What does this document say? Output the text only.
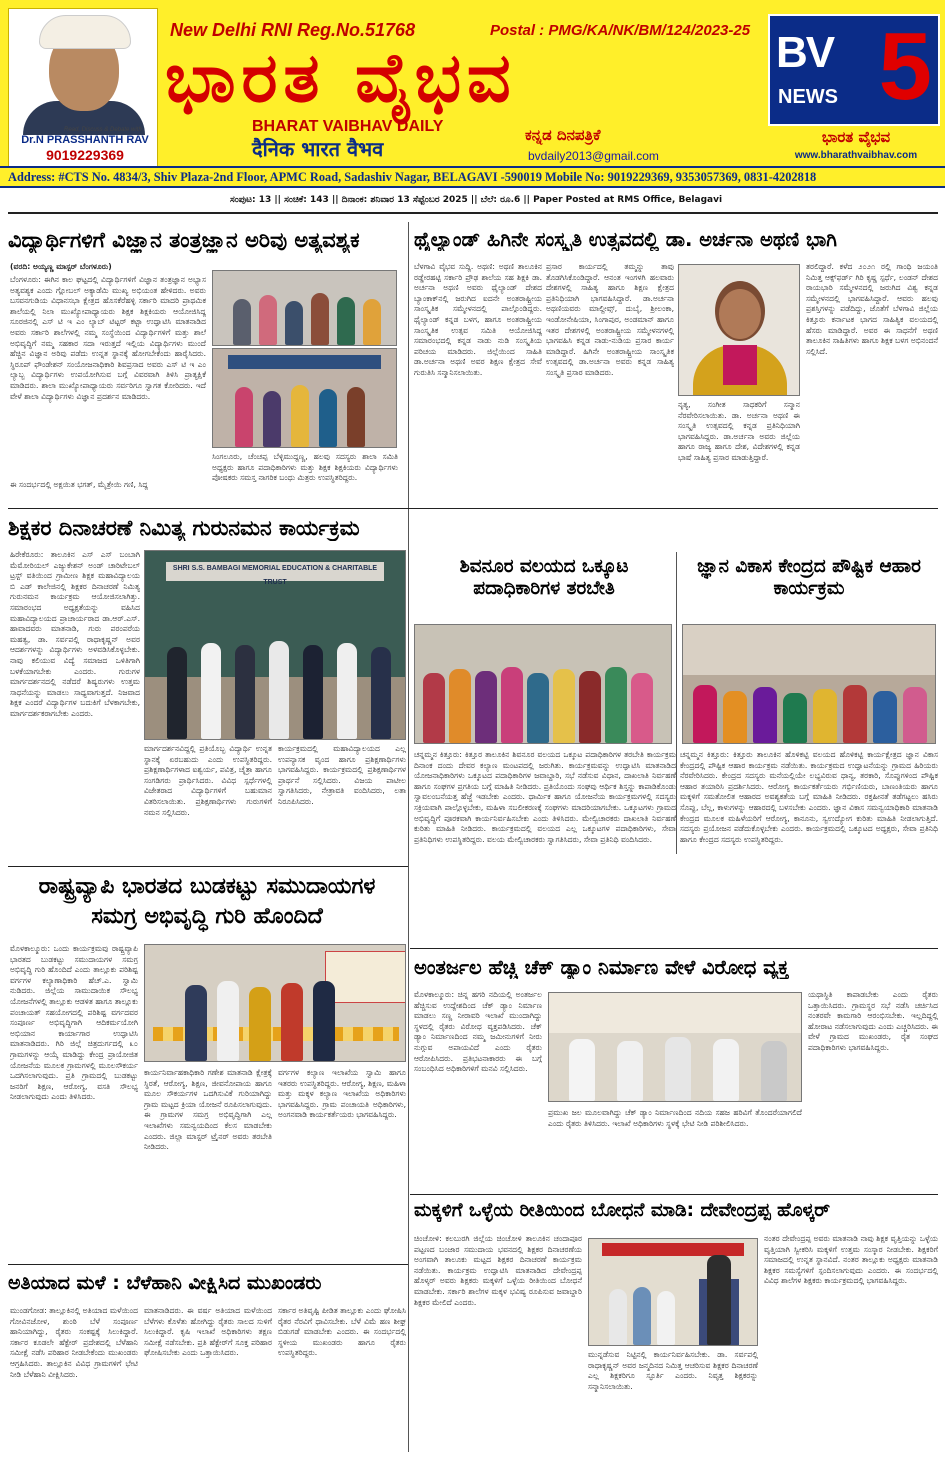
Read, Discuss & Debate with
Dr.N PRASSHANTH RAV
9019229369
New Delhi RNI Reg.No.51768	Postal : PMG/KA/NK/BM/124/2023-25
ಭಾರತ ವೈಭವ
BHARAT VAIBHAV DAILY
दैनिक भारत वैभव
ಕನ್ನಡ ದಿನಪತ್ರಿಕೆ
bvdaily2013@gmail.com
BV
NEWS 5
ಭಾರತ ವೈಭವ
www.bharathvaibhav.com
Address: #CTS No. 4834/3, Shiv Plaza-2nd Floor, APMC Road, Sadashiv Nagar, BELAGAVI -590019 Mobile No: 9019229369, 9353057369, 0831-4202818
ಸಂಪುಟ: 13 || ಸಂಚಿಕೆ: 143 || ದಿನಾಂಕ: ಶನಿವಾರ 13 ಸೆಪ್ಟೆಂಬರ 2025 || ಬೆಲೆ: ರೂ.6 || Paper Posted at RMS Office, Belagavi
ವಿದ್ಯಾರ್ಥಿಗಳಿಗೆ ವಿಜ್ಞಾನ ತಂತ್ರಜ್ಞಾನ ಅರಿವು ಅತ್ಯವಶ್ಯಕ
(ವರದಿ: ಅಯ್ಯಣ್ಣ ಮಾಸ್ಟರ್ ಬೆಂಗಳೂರು)
ಬೆಂಗಳೂರು: ಈಗಿನ ಕಾಲ ಘಟ್ಟದಲ್ಲಿ ವಿದ್ಯಾರ್ಥಿಗಳಿಗೆ ವಿಜ್ಞಾನ ತಂತ್ರಜ್ಞಾನ ಅಭ್ಯಾಸ ಅತ್ಯವಶ್ಯಕ ಎಂದು ಗ್ಲೋಬಲ್ ಅಕ್ಯಾಡೆಮಿ ಮುಖ್ಯ ಅಭಿಯಂತ ಹೇಳಿದರು. ಅವರು ಬಸವನಗುಡಿಯ ವಿಧಾನಸಭಾ ಕ್ಷೇತ್ರದ ಹೊಸಕೆರೆಹಳ್ಳಿ ಸರ್ಕಾರಿ ಮಾದರಿ ಪ್ರಾಥಮಿಕ ಶಾಲೆಯಲ್ಲಿ ನಿಲಾ ಮುಖ್ಯೋಪಾಧ್ಯಾಯರು ಶಿಕ್ಷಕ ಶಿಕ್ಷಕಿಯರು ಆಯೋಜಿಸಿದ್ದ ಸೂರಜಿನಲ್ಲಿ ಎಸ್ ಟಿ ಇ ಎಂ ಲ್ಯಾಬ್ ಟಿಟ್ಟರ್ ಕಟ್ಟಾ ಉದ್ಘಾಟಿಸಿ ಮಾತನಾಡಿದ ಅವರು ಸರ್ಕಾರಿ ಶಾಲೆಗಳಲ್ಲಿ ನಮ್ಮ ಸಂಸ್ಥೆಯಿಂದ ವಿದ್ಯಾರ್ಥಿಗಳಿಗೆ ಮತ್ತು ಶಾಲೆ ಅಭಿವೃದ್ಧಿಗೆ ನಮ್ಮ ಸಹಕಾರ ಸದಾ ಇರುತ್ತದೆ ಇಲ್ಲಿಯ ವಿದ್ಯಾರ್ಥಿಗಳು ಮುಂದೆ ಹೆಚ್ಚಿನ ವಿಜ್ಞಾನ ಅರಿವು ಪಡೆದು ಉನ್ನತ ಸ್ಥಾನಕ್ಕೆ ಹೋಗಬೇಕೆಂದು ಹಾರೈಸಿದರು. ಸ್ಥಿರೂಪ್ ಫೌಂಡೇಶನ್ ಸಂಯೋಜನಾಧಿಕಾರಿ ಶಿವಪ್ರಸಾದ ಅವರು ಎಸ್ ಟಿ ಇ ಎಂ ಲ್ಯಾಬ್ಬ ವಿದ್ಯಾರ್ಥಿಗಳು ಉಪಯೋಗಿಸುವ ಬಗ್ಗೆ ವಿವರವಾಗಿ ತಿಳಿಸಿ ಪ್ರಾತ್ಯಕ್ಷಿಕೆ ಮಾಡಿದರು. ಶಾಲಾ ಮುಖ್ಯೋಪಾಧ್ಯಾಯರು ಸರ್ವರಿಗೂ ಸ್ವಾಗತ ಕೋರಿದರು. ಇದೆ ವೇಳೆ ಶಾಲಾ ವಿದ್ಯಾರ್ಥಿಗಳು ವಿಜ್ಞಾನ ಪ್ರದರ್ಶನ ಮಾಡಿದರು.
ಈ ಸಂದರ್ಭದಲ್ಲಿ ಅಕ್ಷಯಿತ ಭಗತ್, ಮೈತ್ರೇಯಿ ಗಣಿ, ಸಿದ್ದ
ಸಿಂಗಲೂರು, ಚೆಂಚಪ್ಪ ಬೆಳ್ಳಿಮುದ್ದಣ್ಣ, ಹಲವು ಸದಸ್ಯರು ಶಾಲಾ ಸಮಿತಿ ಅಧ್ಯಕ್ಷರು ಹಾಗೂ ಪದಾಧಿಕಾರಿಗಳು ಮತ್ತು ಶಿಕ್ಷಕ ಶಿಕ್ಷಕಿಯರು ವಿದ್ಯಾರ್ಥಿಗಳು ಪೋಷಕರು ಸಮಸ್ತ ನಾಗರಿಕ ಬಂಧು ಮಿತ್ರರು ಉಪಸ್ಥಿತರಿದ್ದರು.
ಥೈಲ್ಯಾಂಡ್ ಹಿಗಿನೇ ಸಂಸ್ಕೃತಿ ಉತ್ಸವದಲ್ಲಿ ಡಾ. ಅರ್ಚನಾ ಅಥಣಿ ಭಾಗಿ
ಬೆಳಗಾವಿ ವೈಭವ ಸುದ್ದಿ. ಅಥಣಿ: ಅಥಣಿ ತಾಲೂಕಿನ ರಡ್ಡೇರಹಟ್ಟಿ ಸರ್ಕಾರಿ ಪ್ರೌಢ ಶಾಲೆಯ ಸಹ ಶಿಕ್ಷಕಿ ಡಾ. ಅರ್ಚನಾ ಅಥಣಿ ಅವರು ಥೈಲ್ಯಾಂಡ್ ದೇಶದ ಬ್ಯಾಂಕಾಕ್‌ನಲ್ಲಿ ಜರುಗಿದ ಐದನೇ ಅಂತರಾಷ್ಟ್ರೀಯ ಸಾಂಸ್ಕೃತಿಕ ಸಮ್ಮೇಳನದಲ್ಲಿ ಪಾಲ್ಗೊಂಡಿದ್ದರು. ಥೈಲ್ಯಾಂಡ್ ಕನ್ನಡ ಬಳಗ, ಹಾಗೂ ಅಂತರಾಷ್ಟ್ರೀಯ ಸಾಂಸ್ಕೃತಿಕ ಉತ್ಸವ ಸಮಿತಿ ಆಯೋಜಿಸಿದ್ದ ಸಮಾರಂಭದಲ್ಲಿ ಕನ್ನಡ ನಾಡು ನುಡಿ ಸಂಸ್ಕೃತಿಯ ಪರಿಚಯ ಮಾಡಿದರು. ಜಿಲ್ಲೆಯಿಂದ ಸಾಹಿತಿ ಡಾ.ಅರ್ಚನಾ ಅಥಣಿ ಅವರ ಶಿಕ್ಷಣ ಕ್ಷೇತ್ರದ ಸೇವೆ ಗುರುತಿಸಿ ಸನ್ಮಾನಿಸಲಾಯಿತು.
ಪ್ರಸಾರ ಕಾರ್ಯದಲ್ಲಿ ತಮ್ಮನ್ನು ತಾವು ತೊಡಗಿಸಿಕೊಂಡಿದ್ದಾರೆ. ಆನಂತ ಇಂಗಳಗಿ ಹಲವಾರು ದೇಶಗಳಲ್ಲಿ ಸಾಹಿತ್ಯ ಹಾಗೂ ಶಿಕ್ಷಣ ಕ್ಷೇತ್ರದ ಪ್ರತಿನಿಧಿಯಾಗಿ ಭಾಗವಹಿಸಿದ್ದಾರೆ. ಡಾ.ಅರ್ಚನಾ ಅಥಣಿಯವರು ಮಾಲ್ದೀವ್ಸ್, ದುಬೈ, ಶ್ರೀಲಂಕಾ, ಇಂಡೋನೇಷಿಯಾ, ಸಿಂಗಾಪುರ, ಅಂಡಮಾನ್ ಹಾಗೂ ಇತರ ದೇಶಗಳಲ್ಲಿ ಅಂತರಾಷ್ಟ್ರೀಯ ಸಮ್ಮೇಳನಗಳಲ್ಲಿ ಭಾಗವಹಿಸಿ ಕನ್ನಡ ನಾಡು-ನುಡಿಯ ಪ್ರಸಾರ ಕಾರ್ಯ ಮಾಡಿದ್ದಾರೆ. ಹಿಗಿನೇ ಅಂತರಾಷ್ಟ್ರೀಯ ಸಾಂಸ್ಕೃತಿಕ ಉತ್ಸವದಲ್ಲಿ ಡಾ.ಅರ್ಚನಾ ಅವರು ಕನ್ನಡ ಸಾಹಿತ್ಯ ಸಂಸ್ಕೃತಿ ಪ್ರಸಾರ ಮಾಡಿದರು.
ನೃತ್ಯ, ಸಂಗೀತ ಸಾಧಕರಿಗೆ ಸನ್ಮಾನ ನೆರವೇರಿಸಲಾಯಿತು. ಡಾ. ಅರ್ಚನಾ ಅಥಣಿ ಈ ಸಂಸ್ಕೃತಿ ಉತ್ಸವದಲ್ಲಿ ಕನ್ನಡ ಪ್ರತಿನಿಧಿಯಾಗಿ ಭಾಗವಹಿಸಿದ್ದರು. ಡಾ.ಅರ್ಚನಾ ಅವರು ಜಿಲ್ಲೆಯ ಹಾಗೂ ರಾಜ್ಯ ಹಾಗೂ ದೇಶ, ವಿದೇಶಗಳಲ್ಲಿ ಕನ್ನಡ ಭಾಷೆ ಸಾಹಿತ್ಯ ಪ್ರಸಾರ ಮಾಡುತ್ತಿದ್ದಾರೆ.
ತರಲಿದ್ದಾರೆ. ಕಳೆದ ೨೦೨೧ ರಲ್ಲಿ ಗಾಂಧಿ ಜಯಂತಿ ನಿಮಿತ್ತ ಆಕ್ಸ್‌ಫರ್ಡ್ ಗಿರಿ ಕೃಷ್ಣ ಸ್ಪರ್ಧೆ, ಲಂಡನ್ ದೇಶದ ರಾಯಭಾರಿ ಸಮ್ಮೇಳನದಲ್ಲಿ ಜರುಗಿದ ವಿಶ್ವ ಕನ್ನಡ ಸಮ್ಮೇಳನದಲ್ಲಿ ಭಾಗವಹಿಸಿದ್ದಾರೆ. ಆವರು ಹಲವು ಪ್ರಶಸ್ತಿಗಳನ್ನು ಪಡೆದಿದ್ದು, ಜೊತೆಗೆ ಬೆಳಗಾವಿ ಜಿಲ್ಲೆಯ ಕಿತ್ತೂರು ಕರ್ನಾಟಕ ಭಾಗದ ಸಾಹಿತ್ಯಿಕ ವಲಯದಲ್ಲಿ ಹೆಸರು ಮಾಡಿದ್ದಾರೆ. ಅವರ ಈ ಸಾಧನೆಗೆ ಅಥಣಿ ತಾಲೂಕಿನ ಸಾಹಿತಿಗಳು ಹಾಗೂ ಶಿಕ್ಷಕ ಬಳಗ ಅಭಿನಂದನೆ ಸಲ್ಲಿಸಿದೆ.
ಶಿಕ್ಷಕರ ದಿನಾಚರಣೆ ನಿಮಿತ್ಯ ಗುರುನಮನ ಕಾರ್ಯಕ್ರಮ
ಹಿರೇಕೆರೂರು: ತಾಲೂಕಿನ ಎಸ್ ಎಸ್ ಬಂಬಾಗಿ ಮೆಮೋರಿಯಲ್ ಎಜ್ಯುಕೇಶನ್ ಅಂಡ್ ಚಾರಿಟೇಬಲ್ ಟ್ರಸ್ಟ್ ವತಿಯಿಂದ ಗ್ರಾಮೀಣ ಶಿಕ್ಷಕ ಮಹಾವಿದ್ಯಾಲಯ ಬಿ ಎಡ್ ಕಾಲೇಜಿನಲ್ಲಿ ಶಿಕ್ಷಕರ ದಿನಾಚರಣೆ ನಿಮಿತ್ಯ ಗುರುನಮನ ಕಾರ್ಯಕ್ರಮ ಆಯೋಜಿಸಲಾಗಿತ್ತು. ಸಮಾರಂಭದ ಅಧ್ಯಕ್ಷತೆಯನ್ನು ವಹಿಸಿದ ಮಹಾವಿದ್ಯಾಲಯದ ಪ್ರಾಚಾರ್ಯರಾದ ಡಾ.ಆರ್.ಎಸ್. ಹಾವಾದವರು ಮಾತನಾಡಿ, ಗುರು ಪರಂಪರೆಯ ಮಹತ್ವ, ಡಾ. ಸರ್ವಪಲ್ಲಿ ರಾಧಾಕೃಷ್ಣನ್ ಅವರ ಆದರ್ಶಗಳನ್ನು ವಿದ್ಯಾರ್ಥಿಗಳು ಅಳವಡಿಸಿಕೊಳ್ಳಬೇಕು. ನಾವು ಕಲಿಯುವ ವಿದ್ಯೆ ಸಮಾಜದ ಒಳಿತಿಗಾಗಿ ಬಳಕೆಯಾಗಬೇಕು ಎಂದರು. ಗುರುಗಳ ಮಾರ್ಗದರ್ಶನದಲ್ಲಿ ನಡೆದರೆ ಶಿಷ್ಯರುಗಳು ಉತ್ತಮ ಸಾಧನೆಯನ್ನು ಮಾಡಲು ಸಾಧ್ಯವಾಗುತ್ತದೆ. ನಿಜವಾದ ಶಿಕ್ಷಕ ಎಂದರೆ ವಿದ್ಯಾರ್ಥಿಗಳ ಬದುಕಿಗೆ ಬೆಳಕಾಗಬೇಕು, ಮಾರ್ಗದರ್ಶಕರಾಗಬೇಕು ಎಂದರು.
SHRI S.S. BAMBAGI MEMORIAL EDUCATION & CHARITABLE TRUST
ಮಾರ್ಗದರ್ಶನವಿದ್ದಲ್ಲಿ ಪ್ರತಿಯೊಬ್ಬ ವಿದ್ಯಾರ್ಥಿ ಉನ್ನತ ಸ್ಥಾನಕ್ಕೆ ಏರಬಹುದು ಎಂದು ಉಪಸ್ಥಿತರಿದ್ದರು. ಪ್ರಶಿಕ್ಷಣಾರ್ಥಿಗಳಾದ ಐಶ್ವರ್ಯ, ಪವಿತ್ರ, ಚೈತ್ರಾ ಹಾಗೂ ಸಂಗಡಿಗರು ಪ್ರಾರ್ಥಿಸಿದರು. ವಿವಿಧ ಸ್ಪರ್ಧೆಗಳಲ್ಲಿ ವಿಜೇತರಾದ ವಿದ್ಯಾರ್ಥಿಗಳಿಗೆ ಬಹುಮಾನ ವಿತರಿಸಲಾಯಿತು. ಪ್ರಶಿಕ್ಷಣಾರ್ಥಿಗಳು ಗುರುಗಳಿಗೆ ನಮನ ಸಲ್ಲಿಸಿದರು.
ಕಾರ್ಯಕ್ರಮದಲ್ಲಿ ಮಹಾವಿದ್ಯಾಲಯದ ಎಲ್ಲ ಉಪನ್ಯಾಸಕ ವೃಂದ ಹಾಗೂ ಪ್ರಶಿಕ್ಷಣಾರ್ಥಿಗಳು ಭಾಗವಹಿಸಿದ್ದರು. ಕಾರ್ಯಕ್ರಮದಲ್ಲಿ ಪ್ರಶಿಕ್ಷಣಾರ್ಥಿಗಳ ಪ್ರಾರ್ಥನೆ ಸಲ್ಲಿಸಿದರು. ವಿಜಯ ಪಾಟೀಲ ಸ್ವಾಗತಿಸಿದರು, ನೇತ್ರಾವತಿ ವಂದಿಸಿದರು, ಲತಾ ನಿರೂಪಿಸಿದರು.
ಶಿವನೂರ ವಲಯದ ಒಕ್ಕೂಟ ಪದಾಧಿಕಾರಿಗಳ ತರಬೇತಿ
ಚನ್ನಮ್ಮನ ಕಿತ್ತೂರು: ಕಿತ್ತೂರ ತಾಲೂಕಿನ ಶಿವನೂರ ವಲಯದ ಒಕ್ಕೂಟ ಪದಾಧಿಕಾರಿಗಳ ತರಬೇತಿ ಕಾರ್ಯಕ್ರಮ ದಿನಾಂಕ ದಂದು ದೇವರ ಕಲ್ಯಾಣ ಮಂಟಪದಲ್ಲಿ ಜರುಗಿತು. ಕಾರ್ಯಕ್ರಮವನ್ನು ಉದ್ಘಾಟಿಸಿ ಮಾತನಾಡಿದ ಯೋಜನಾಧಿಕಾರಿಗಳು ಒಕ್ಕೂಟದ ಪದಾಧಿಕಾರಿಗಳ ಜವಾಬ್ದಾರಿ, ಸಭೆ ನಡೆಸುವ ವಿಧಾನ, ದಾಖಲಾತಿ ನಿರ್ವಹಣೆ ಹಾಗೂ ಸಂಘಗಳ ಪ್ರಗತಿಯ ಬಗ್ಗೆ ಮಾಹಿತಿ ನೀಡಿದರು. ಪ್ರತಿಯೊಂದು ಸಂಘವು ಆರ್ಥಿಕ ಶಿಸ್ತನ್ನು ಕಾಪಾಡಿಕೊಂಡು ಸ್ವಾವಲಂಬನೆಯತ್ತ ಹೆಜ್ಜೆ ಇಡಬೇಕು ಎಂದರು. ಧಾರ್ಮಿಕ ಹಾಗೂ ಯೋಜನೆಯ ಕಾರ್ಯಕ್ರಮಗಳಲ್ಲಿ ಸದಸ್ಯರು ಸಕ್ರಿಯವಾಗಿ ಪಾಲ್ಗೊಳ್ಳಬೇಕು, ಮಹಿಳಾ ಸಬಲೀಕರಣಕ್ಕೆ ಸಂಘಗಳು ಮಾದರಿಯಾಗಬೇಕು. ಒಕ್ಕೂಟಗಳು ಗ್ರಾಮದ ಅಭಿವೃದ್ಧಿಗೆ ಪೂರಕವಾಗಿ ಕಾರ್ಯನಿರ್ವಹಿಸಬೇಕು ಎಂದು ತಿಳಿಸಿದರು. ಮೇಲ್ವಿಚಾರಕರು ದಾಖಲಾತಿ ನಿರ್ವಹಣೆ ಕುರಿತು ಮಾಹಿತಿ ನೀಡಿದರು. ಕಾರ್ಯಕ್ರಮದಲ್ಲಿ ವಲಯದ ಎಲ್ಲ ಒಕ್ಕೂಟಗಳ ಪದಾಧಿಕಾರಿಗಳು, ಸೇವಾ ಪ್ರತಿನಿಧಿಗಳು ಉಪಸ್ಥಿತರಿದ್ದರು. ವಲಯ ಮೇಲ್ವಿಚಾರಕರು ಸ್ವಾಗತಿಸಿದರು, ಸೇವಾ ಪ್ರತಿನಿಧಿ ವಂದಿಸಿದರು.
ಜ್ಞಾನ ವಿಕಾಸ ಕೇಂದ್ರದ ಪೌಷ್ಟಿಕ ಆಹಾರ ಕಾರ್ಯಕ್ರಮ
ಚನ್ನಮ್ಮನ ಕಿತ್ತೂರು: ಕಿತ್ತೂರು ತಾಲೂಕಿನ ಹೊಳಿಕಟ್ಟಿ ವಲಯದ ಹೊಳಿಕಟ್ಟಿ ಕಾರ್ಯಕ್ಷೇತ್ರದ ಜ್ಞಾನ ವಿಕಾಸ ಕೇಂದ್ರದಲ್ಲಿ ಪೌಷ್ಟಿಕ ಆಹಾರ ಕಾರ್ಯಕ್ರಮ ನಡೆಯಿತು. ಕಾರ್ಯಕ್ರಮದ ಉದ್ಘಾಟನೆಯನ್ನು ಗ್ರಾಮದ ಹಿರಿಯರು ನೆರವೇರಿಸಿದರು. ಕೇಂದ್ರದ ಸದಸ್ಯರು ಮನೆಯಲ್ಲಿಯೇ ಲಭ್ಯವಿರುವ ಧಾನ್ಯ, ತರಕಾರಿ, ಸೊಪ್ಪುಗಳಿಂದ ಪೌಷ್ಟಿಕ ಆಹಾರ ತಯಾರಿಸಿ ಪ್ರದರ್ಶಿಸಿದರು. ಆರೋಗ್ಯ ಕಾರ್ಯಕರ್ತೆಯರು ಗರ್ಭಿಣಿಯರು, ಬಾಣಂತಿಯರು ಹಾಗೂ ಮಕ್ಕಳಿಗೆ ಸಮತೋಲಿತ ಆಹಾರದ ಅವಶ್ಯಕತೆಯ ಬಗ್ಗೆ ಮಾಹಿತಿ ನೀಡಿದರು. ರಕ್ತಹೀನತೆ ತಡೆಗಟ್ಟಲು ಹಸಿರು ಸೊಪ್ಪು, ಬೆಲ್ಲ, ಕಾಳುಗಳನ್ನು ಆಹಾರದಲ್ಲಿ ಬಳಸಬೇಕು ಎಂದರು. ಜ್ಞಾನ ವಿಕಾಸ ಸಮನ್ವಯಾಧಿಕಾರಿ ಮಾತನಾಡಿ ಕೇಂದ್ರದ ಮೂಲಕ ಮಹಿಳೆಯರಿಗೆ ಆರೋಗ್ಯ, ಕಾನೂನು, ಸ್ವಉದ್ಯೋಗ ಕುರಿತು ಮಾಹಿತಿ ನೀಡಲಾಗುತ್ತಿದೆ. ಸದಸ್ಯರು ಪ್ರಯೋಜನ ಪಡೆದುಕೊಳ್ಳಬೇಕು ಎಂದರು. ಕಾರ್ಯಕ್ರಮದಲ್ಲಿ ಒಕ್ಕೂಟದ ಅಧ್ಯಕ್ಷರು, ಸೇವಾ ಪ್ರತಿನಿಧಿ ಹಾಗೂ ಕೇಂದ್ರದ ಸದಸ್ಯರು ಉಪಸ್ಥಿತರಿದ್ದರು.
ರಾಷ್ಟ್ರವ್ಯಾಪಿ ಭಾರತದ ಬುಡಕಟ್ಟು ಸಮುದಾಯಗಳ
ಸಮಗ್ರ ಅಭಿವೃದ್ಧಿ ಗುರಿ ಹೊಂದಿದೆ
ಮೊಳಕಾಲ್ಮೂರು: ಒಂದು ಕಾರ್ಯಕ್ರಮವು ರಾಷ್ಟ್ರವ್ಯಾಪಿ ಭಾರತದ ಬುಡಕಟ್ಟು ಸಮುದಾಯಗಳ ಸಮಗ್ರ ಅಭಿವೃದ್ಧಿ ಗುರಿ ಹೊಂದಿದೆ ಎಂದು ತಾಲ್ಲೂಕು ಪರಿಶಿಷ್ಟ ವರ್ಗಗಳ ಕಲ್ಯಾಣಾಧಿಕಾರಿ ಹೆಚ್.ಎ. ಸ್ವಾಮಿ ನುಡಿದರು. ಜಿಲ್ಲೆಯ ಸಾಮುದಾಯಿಕ ಸೌಲಭ್ಯ ಯೋಜನೆಗಳಲ್ಲಿ ತಾಲ್ಲೂಕು ಆಡಳಿತ ಹಾಗೂ ತಾಲ್ಲೂಕು ಪಂಚಾಯತ್ ಸಹಯೋಗದಲ್ಲಿ ಪರಿಶಿಷ್ಟ ವರ್ಗದವರ ಸಂಪೂರ್ಣ ಅಭಿವೃದ್ಧಿಗಾಗಿ ಆದಿಕರ್ಮಯೋಗಿ ಅಭಿಯಾನ ಕಾರ್ಯಾಗಾರ ಉದ್ಘಾಟಿಸಿ ಮಾತನಾಡಿದರು. ಗಿರಿ ಜಿಲ್ಲೆ ಚಿತ್ರದುರ್ಗದಲ್ಲಿ ೩೦ ಗ್ರಾಮಗಳನ್ನು ಆಯ್ಕೆ ಮಾಡಿದ್ದು ಕೇಂದ್ರ ಪ್ರಾಯೋಜಿತ ಯೋಜನೆಯ ಮೂಲಕ ಗ್ರಾಮಗಳಲ್ಲಿ ಮೂಲಸೌಕರ್ಯ ಒದಗಿಸಲಾಗುವುದು. ಪ್ರತಿ ಗ್ರಾಮದಲ್ಲಿ ಬುಡಕಟ್ಟು ಜನರಿಗೆ ಶಿಕ್ಷಣ, ಆರೋಗ್ಯ, ವಸತಿ ಸೌಲಭ್ಯ ನೀಡಲಾಗುವುದು ಎಂದು ತಿಳಿಸಿದರು.
ಕಾರ್ಯನಿರ್ವಾಹಕಾಧಿಕಾರಿ ಗಣೇಶ ಮಾತನಾಡಿ ಕ್ಷೇತ್ರಕ್ಕೆ ಸ್ಥಿರತೆ, ಆರೋಗ್ಯ, ಶಿಕ್ಷಣ, ಜೀವನೋಪಾಯ ಹಾಗೂ ಮೂಲ ಸೌಕರ್ಯಗಳ ಒದಗಿಸುವಿಕೆ ಗುರಿಯಾಗಿದ್ದು ಗ್ರಾಮ ಮಟ್ಟದ ಕ್ರಿಯಾ ಯೋಜನೆ ರೂಪಿಸಲಾಗುವುದು. ಈ ಗ್ರಾಮಗಳ ಸಮಗ್ರ ಅಭಿವೃದ್ಧಿಗಾಗಿ ಎಲ್ಲ ಇಲಾಖೆಗಳು ಸಮನ್ವಯದಿಂದ ಕೆಲಸ ಮಾಡಬೇಕು ಎಂದರು. ಜಿಲ್ಲಾ ಮಾಸ್ಟರ್ ಟ್ರೈನರ್ ಅವರು ತರಬೇತಿ ನೀಡಿದರು.
ವರ್ಗಗಳ ಕಲ್ಯಾಣ ಇಲಾಖೆಯ ಸ್ವಾಮಿ ಹಾಗೂ ಇತರರು ಉಪಸ್ಥಿತರಿದ್ದರು. ಆರೋಗ್ಯ, ಶಿಕ್ಷಣ, ಮಹಿಳಾ ಮತ್ತು ಮಕ್ಕಳ ಕಲ್ಯಾಣ ಇಲಾಖೆಯ ಅಧಿಕಾರಿಗಳು ಭಾಗವಹಿಸಿದ್ದರು. ಗ್ರಾಮ ಪಂಚಾಯತಿ ಅಧಿಕಾರಿಗಳು, ಅಂಗನವಾಡಿ ಕಾರ್ಯಕರ್ತೆಯರು ಭಾಗವಹಿಸಿದ್ದರು.
ಅಂತರ್ಜಲ ಹೆಚ್ಚಿ ಚೆಕ್ ಡ್ಯಾಂ ನಿರ್ಮಾಣ ವೇಳೆ ವಿರೋಧ ವ್ಯಕ್ತ
ಮೊಳಕಾಲ್ಮೂರು: ಚಿನ್ನ ಹಗರಿ ನದಿಯಲ್ಲಿ ಅಂತರ್ಜಲ ಹೆಚ್ಚಿಸುವ ಉದ್ದೇಶದಿಂದ ಚೆಕ್ ಡ್ಯಾಂ ನಿರ್ಮಾಣ ಮಾಡಲು ಸಣ್ಣ ನೀರಾವರಿ ಇಲಾಖೆ ಮುಂದಾಗಿದ್ದು ಸ್ಥಳದಲ್ಲಿ ರೈತರು ವಿರೋಧ ವ್ಯಕ್ತಪಡಿಸಿದರು. ಚೆಕ್ ಡ್ಯಾಂ ನಿರ್ಮಾಣದಿಂದ ನಮ್ಮ ಜಮೀನುಗಳಿಗೆ ನೀರು ನುಗ್ಗುವ ಅಪಾಯವಿದೆ ಎಂದು ರೈತರು ಆರೋಪಿಸಿದರು. ಪ್ರತಿಭಟನಾಕಾರರು ಈ ಬಗ್ಗೆ ಸಂಬಂಧಿಸಿದ ಅಧಿಕಾರಿಗಳಿಗೆ ಮನವಿ ಸಲ್ಲಿಸಿದರು.
ಪ್ರಮುಖ ಜಲ ಮೂಲವಾಗಿದ್ದು ಚೆಕ್ ಡ್ಯಾಂ ನಿರ್ಮಾಣದಿಂದ ನದಿಯ ಸಹಜ ಹರಿವಿಗೆ ತೊಂದರೆಯಾಗಲಿದೆ ಎಂದು ರೈತರು ತಿಳಿಸಿದರು. ಇಲಾಖೆ ಅಧಿಕಾರಿಗಳು ಸ್ಥಳಕ್ಕೆ ಭೇಟಿ ನೀಡಿ ಪರಿಶೀಲಿಸಿದರು.
ಯಥಾಸ್ಥಿತಿ ಕಾಪಾಡಬೇಕು ಎಂದು ರೈತರು ಒತ್ತಾಯಿಸಿದರು. ಗ್ರಾಮಸ್ಥರ ಸಭೆ ನಡೆಸಿ ಚರ್ಚಿಸಿದ ನಂತರವೇ ಕಾಮಗಾರಿ ಆರಂಭಿಸಬೇಕು. ಇಲ್ಲದಿದ್ದಲ್ಲಿ ಹೋರಾಟ ನಡೆಸಲಾಗುವುದು ಎಂದು ಎಚ್ಚರಿಸಿದರು. ಈ ವೇಳೆ ಗ್ರಾಮದ ಮುಖಂಡರು, ರೈತ ಸಂಘದ ಪದಾಧಿಕಾರಿಗಳು ಭಾಗವಹಿಸಿದ್ದರು.
ಮಕ್ಕಳಿಗೆ ಒಳ್ಳೆಯ ರೀತಿಯಿಂದ ಬೋಧನೆ ಮಾಡಿ: ದೇವೇಂದ್ರಪ್ಪ ಹೊಳ್ಕರ್
ಚಿಂಚೋಳಿ: ಕಲಬುರಗಿ ಜಿಲ್ಲೆಯ ಚಿಂಚೋಳಿ ತಾಲೂಕಿನ ಚಂದಾಪೂರ ಪಟ್ಟಣದ ಬಂಜಾರ ಸಮುದಾಯ ಭವನದಲ್ಲಿ ಶಿಕ್ಷಕರ ದಿನಾಚರಣೆಯ ಅಂಗವಾಗಿ ತಾಲೂಕು ಮಟ್ಟದ ಶಿಕ್ಷಕರ ದಿನಾಚರಣೆ ಕಾರ್ಯಕ್ರಮ ನಡೆಯಿತು. ಕಾರ್ಯಕ್ರಮ ಉದ್ಘಾಟಿಸಿ ಮಾತನಾಡಿದ ದೇವೇಂದ್ರಪ್ಪ ಹೊಳ್ಕರ್ ಅವರು ಶಿಕ್ಷಕರು ಮಕ್ಕಳಿಗೆ ಒಳ್ಳೆಯ ರೀತಿಯಿಂದ ಬೋಧನೆ ಮಾಡಬೇಕು. ಸರ್ಕಾರಿ ಶಾಲೆಗಳ ಮಕ್ಕಳ ಭವಿಷ್ಯ ರೂಪಿಸುವ ಜವಾಬ್ದಾರಿ ಶಿಕ್ಷಕರ ಮೇಲಿದೆ ಎಂದರು.
ಮುನ್ನಡೆಸುವ ನಿಟ್ಟಿನಲ್ಲಿ ಕಾರ್ಯನಿರ್ವಹಿಸಬೇಕು. ಡಾ. ಸರ್ವಪಲ್ಲಿ ರಾಧಾಕೃಷ್ಣನ್ ಅವರ ಜನ್ಮದಿನದ ನಿಮಿತ್ತ ಆಚರಿಸುವ ಶಿಕ್ಷಕರ ದಿನಾಚರಣೆ ಎಲ್ಲ ಶಿಕ್ಷಕರಿಗೂ ಸ್ಫೂರ್ತಿ ಎಂದರು. ನಿವೃತ್ತ ಶಿಕ್ಷಕರನ್ನು ಸನ್ಮಾನಿಸಲಾಯಿತು.
ನಂತರ ದೇವೇಂದ್ರಪ್ಪ ಅವರು ಮಾತನಾಡಿ ನಾವು ಶಿಕ್ಷಕ ವೃತ್ತಿಯನ್ನು ಒಳ್ಳೆಯ ವೃತ್ತಿಯಾಗಿ ಸ್ವೀಕರಿಸಿ ಮಕ್ಕಳಿಗೆ ಉತ್ತಮ ಸಂಸ್ಕಾರ ನೀಡಬೇಕು. ಶಿಕ್ಷಕರಿಗೆ ಸಮಾಜದಲ್ಲಿ ಉನ್ನತ ಸ್ಥಾನವಿದೆ. ನಂತರ ತಾಲ್ಲೂಕು ಅಧ್ಯಕ್ಷರು ಮಾತನಾಡಿ ಶಿಕ್ಷಕರ ಸಮಸ್ಯೆಗಳಿಗೆ ಸ್ಪಂದಿಸಲಾಗುವುದು ಎಂದರು. ಈ ಸಂದರ್ಭದಲ್ಲಿ ವಿವಿಧ ಶಾಲೆಗಳ ಶಿಕ್ಷಕರು ಕಾರ್ಯಕ್ರಮದಲ್ಲಿ ಭಾಗವಹಿಸಿದ್ದರು.
ಅತಿಯಾದ ಮಳೆ : ಬೆಳೆಹಾನಿ ವೀಕ್ಷಿಸಿದ ಮುಖಂಡರು
ಮುಂಡಗೋಡ: ತಾಲ್ಲೂಕಿನಲ್ಲಿ ಅತಿಯಾದ ಮಳೆಯಿಂದ ಗೋವಿನಜೋಳ, ಶುಂಠಿ ಬೆಳೆ ಸಂಪೂರ್ಣ ಹಾನಿಯಾಗಿದ್ದು, ರೈತರು ಸಂಕಷ್ಟಕ್ಕೆ ಸಿಲುಕಿದ್ದಾರೆ. ಸರ್ಕಾರ ಕೂಡಲೇ ಹೆಕ್ಟೇರ್ ಪ್ರದೇಶದಲ್ಲಿ ಬೆಳೆಹಾನಿ ಸಮೀಕ್ಷೆ ನಡೆಸಿ ಪರಿಹಾರ ನೀಡಬೇಕೆಂದು ಮುಖಂಡರು ಆಗ್ರಹಿಸಿದರು. ತಾಲ್ಲೂಕಿನ ವಿವಿಧ ಗ್ರಾಮಗಳಿಗೆ ಭೇಟಿ ನೀಡಿ ಬೆಳೆಹಾನಿ ವೀಕ್ಷಿಸಿದರು.
ಮಾತನಾಡಿದರು. ಈ ವರ್ಷ ಅತಿಯಾದ ಮಳೆಯಿಂದ ಬೆಳೆಗಳು ಕೊಳೆತು ಹೋಗಿದ್ದು ರೈತರು ಸಾಲದ ಸುಳಿಗೆ ಸಿಲುಕಿದ್ದಾರೆ. ಕೃಷಿ ಇಲಾಖೆ ಅಧಿಕಾರಿಗಳು ತಕ್ಷಣ ಸಮೀಕ್ಷೆ ನಡೆಸಬೇಕು. ಪ್ರತಿ ಹೆಕ್ಟೇರ್‌ಗೆ ಸೂಕ್ತ ಪರಿಹಾರ ಘೋಷಿಸಬೇಕು ಎಂದು ಒತ್ತಾಯಿಸಿದರು.
ಸರ್ಕಾರ ಅತಿವೃಷ್ಟಿ ಪೀಡಿತ ತಾಲ್ಲೂಕು ಎಂದು ಘೋಷಿಸಿ ರೈತರ ನೆರವಿಗೆ ಧಾವಿಸಬೇಕು. ಬೆಳೆ ವಿಮೆ ಹಣ ಶೀಘ್ರ ಬಿಡುಗಡೆ ಮಾಡಬೇಕು ಎಂದರು. ಈ ಸಂದರ್ಭದಲ್ಲಿ ಸ್ಥಳೀಯ ಮುಖಂಡರು ಹಾಗೂ ರೈತರು ಉಪಸ್ಥಿತರಿದ್ದರು.
